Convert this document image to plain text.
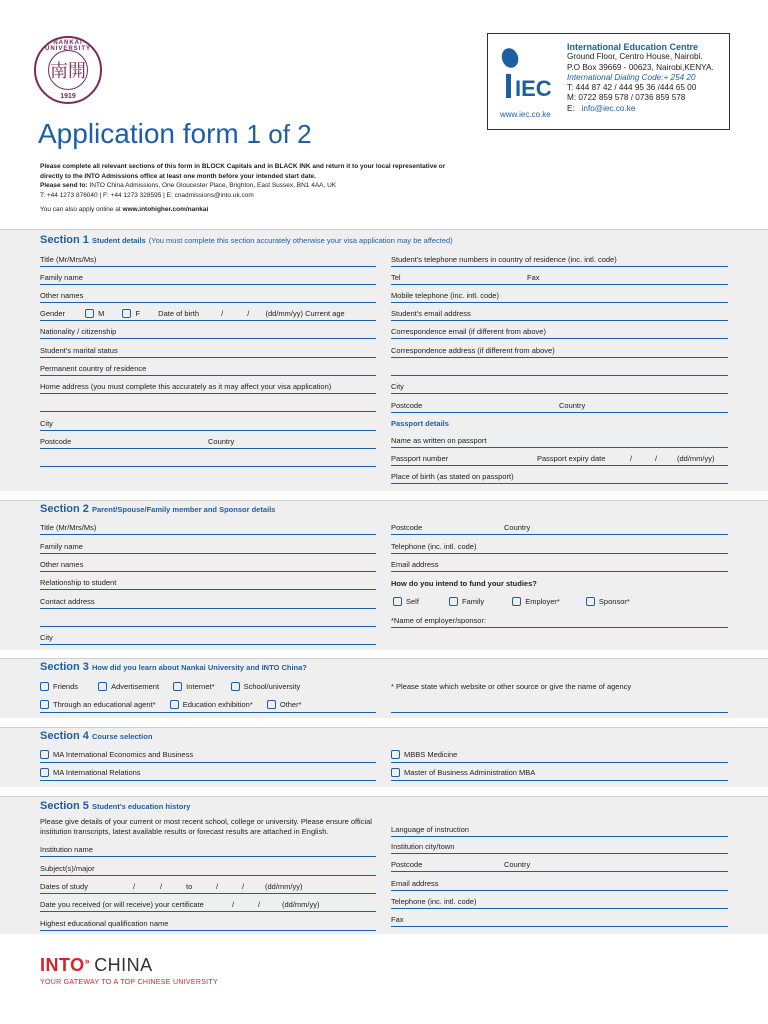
NANKAI UNIVERSITY
南開
1919
Application form 1 of 2
IEC
www.iec.co.ke
International Education Centre
Ground Floor, Centro House, Nairobi.
P.O Box 39669 - 00623, Nairobi,KENYA.
International Dialing Code:+ 254 20
T: 444 87 42 / 444 95 36 /444 65 00
M: 0722 859 578 / 0736 859 578
E: info@iec.co.ke
Please complete all relevant sections of this form in BLOCK Capitals and in BLACK INK and return it to your local representative or
directly to the INTO Admissions office at least one month before your intended start date.
Please send to: INTO China Admissions, One Gloucester Place, Brighton, East Sussex, BN1 4AA, UK
T: +44 1273 876040 | F: +44 1273 328595 | E: cnadmissions@into.uk.com
You can also apply online at www.intohigher.com/nankai
Section 1 Student details (You must complete this section accurately otherwise your visa application may be affected)
Title (Mr/Mrs/Ms)
Family name
Other names
Gender	M	F Date of birth	/	/ (dd/mm/yy) Current age
Nationality / citizenship
Student's marital status
Permanent country of residence
Home address (you must complete this accurately as it may affect your visa application)
City
Postcode	Country
Student's telephone numbers in country of residence (inc. intl. code)
Tel	Fax
Mobile telephone (inc. intl. code)
Student's email address
Correspondence email (if different from above)
Correspondence address (if different from above)
City
Postcode	Country
Passport details
Name as written on passport
Passport number	Passport expiry date	/	/	(dd/mm/yy)
Place of birth (as stated on passport)
Section 2 Parent/Spouse/Family member and Sponsor details
Title (Mr/Mrs/Ms)
Family name
Other names
Relationship to student
Contact address
City
Postcode	Country
Telephone (inc. intl. code)
Email address
How do you intend to fund your studies?
Self	Family	Employer*	Sponsor*
*Name of employer/sponsor:
Section 3 How did you learn about Nankai University and INTO China?
Friends	Advertisement	Internet*	School/university
Through an educational agent*	Education exhibition*	Other*
* Please state which website or other source or give the name of agency
Section 4 Course selection
MA International Economics and Business
MA International Relations
MBBS Medicine
Master of Business Administration MBA
Section 5 Student's education history
Please give details of your current or most recent school, college or university. Please ensure official
institution transcripts, latest available results or forecast results are attached in English.
Institution name
Subject(s)/major
Dates of study	/	/	to	/	/	(dd/mm/yy)
Date you received (or will receive) your certificate	/	/	(dd/mm/yy)
Highest educational qualification name
Language of instruction
Institution city/town
Postcode	Country
Email address
Telephone (inc. intl. code)
Fax
INTO» CHINA
YOUR GATEWAY TO A TOP CHINESE UNIVERSITY
